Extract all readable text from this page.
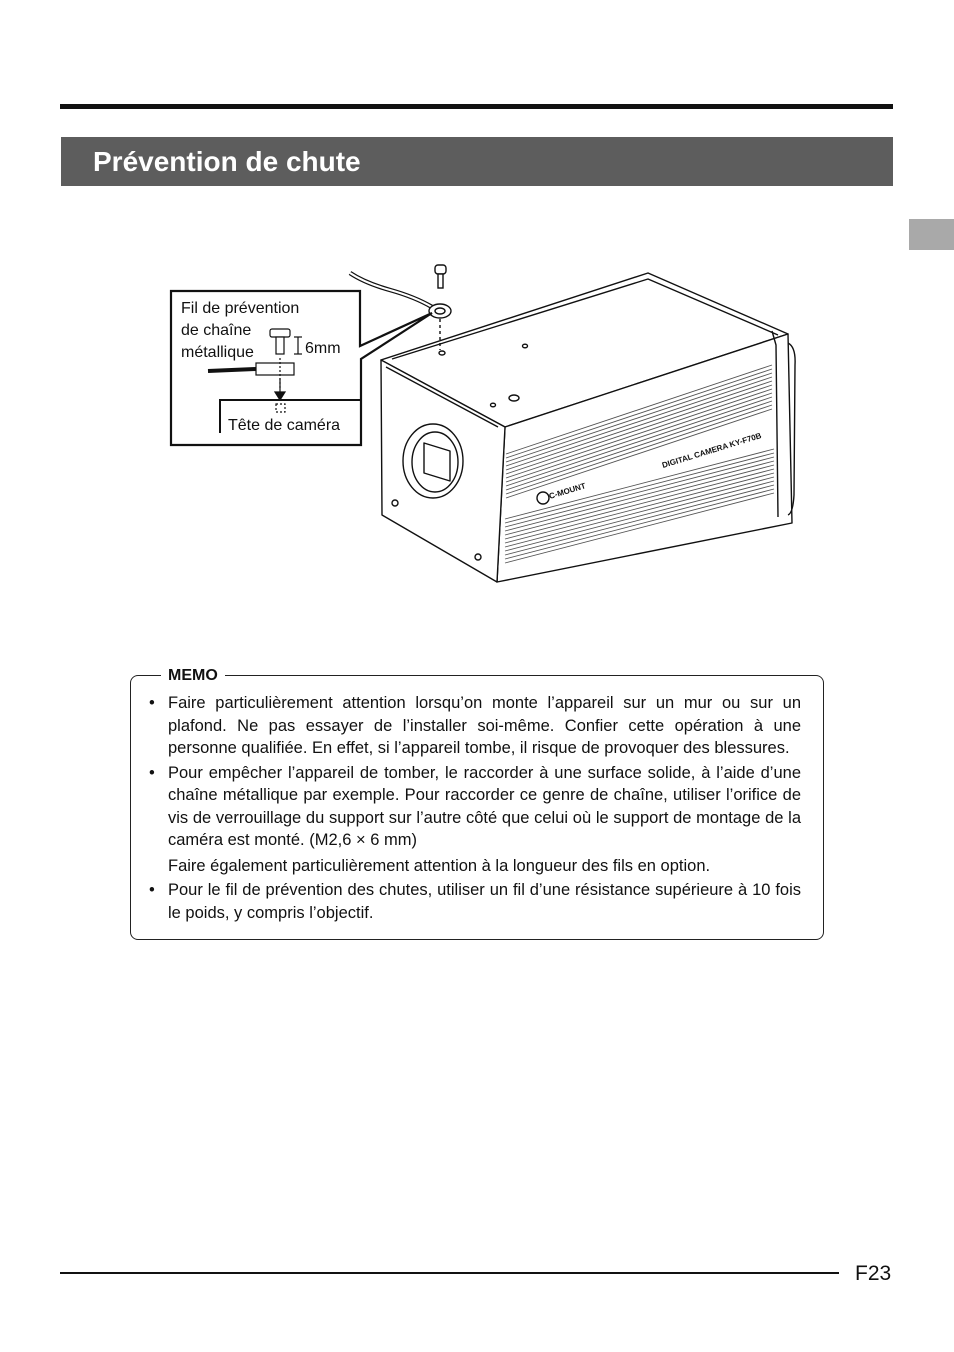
Prévention de chute
Fil de prévention
de chaîne
métallique	6mm
Tête de caméra
DIGITAL CAMERA KY-F70B
C-MOUNT
MEMO
• Faire particulièrement attention lorsqu’on monte l’appareil sur un mur ou sur un plafond. Ne pas essayer de l’installer soi-même. Confier cette opération à une personne qualifiée. En effet, si l’appareil tombe, il risque de provoquer des blessures.

• Pour empêcher l’appareil de tomber, le raccorder à une surface solide, à l’aide d’une chaîne métallique par exemple. Pour raccorder ce genre de chaîne, utiliser l’orifice de vis de verrouillage du support sur l’autre côté que celui où le support de montage de la caméra est monté. (M2,6 × 6 mm)

Faire également particulièrement attention à la longueur des fils en option.

• Pour le fil de prévention des chutes, utiliser un fil d’une résistance supérieure à 10 fois le poids, y compris l’objectif.

F23
